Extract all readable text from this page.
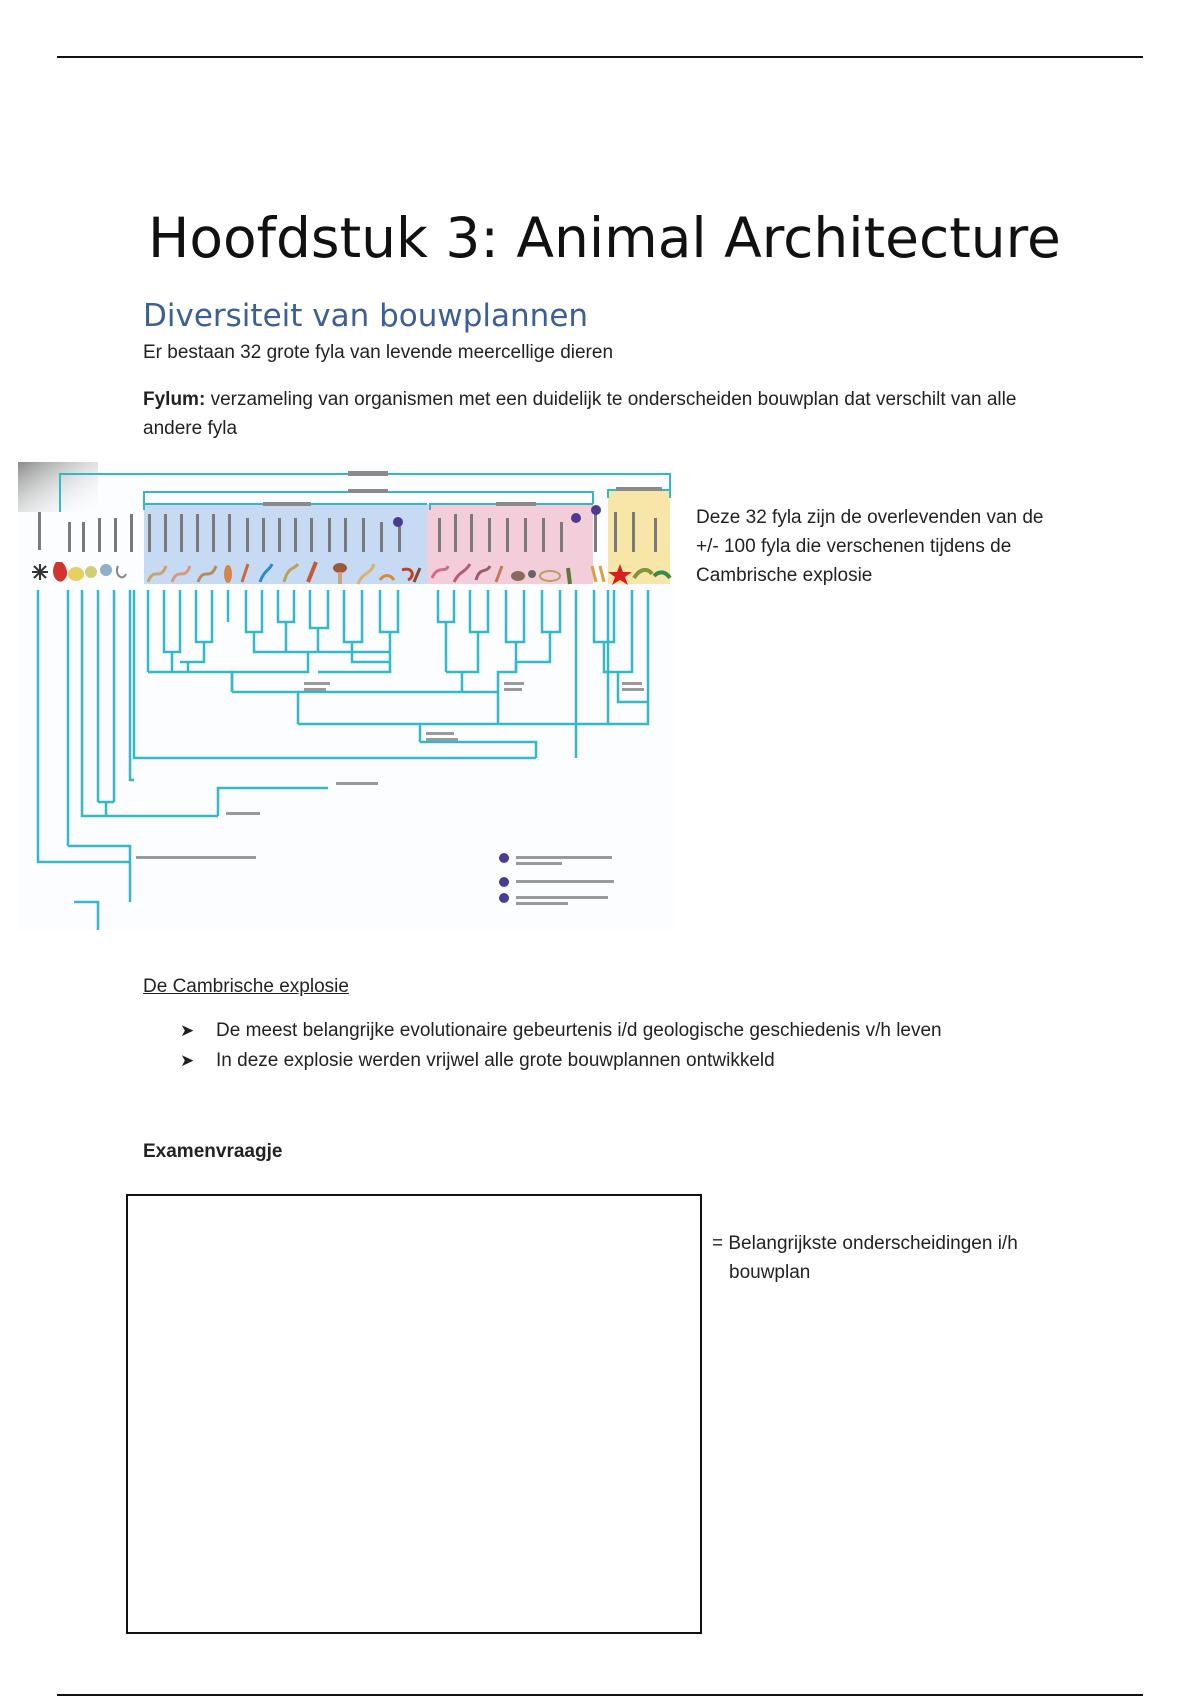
Hoofdstuk 3: Animal Architecture
Diversiteit van bouwplannen
Er bestaan 32 grote fyla van levende meercellige dieren
Fylum: verzameling van organismen met een duidelijk te onderscheiden bouwplan dat verschilt van alle andere fyla
Deze 32 fyla zijn de overlevenden van de +/- 100 fyla die verschenen tijdens de Cambrische explosie
De Cambrische explosie
➤ De meest belangrijke evolutionaire gebeurtenis i/d geologische geschiedenis v/h leven
➤ In deze explosie werden vrijwel alle grote bouwplannen ontwikkeld
Examenvraagje
= Belangrijkste onderscheidingen i/h
bouwplan
